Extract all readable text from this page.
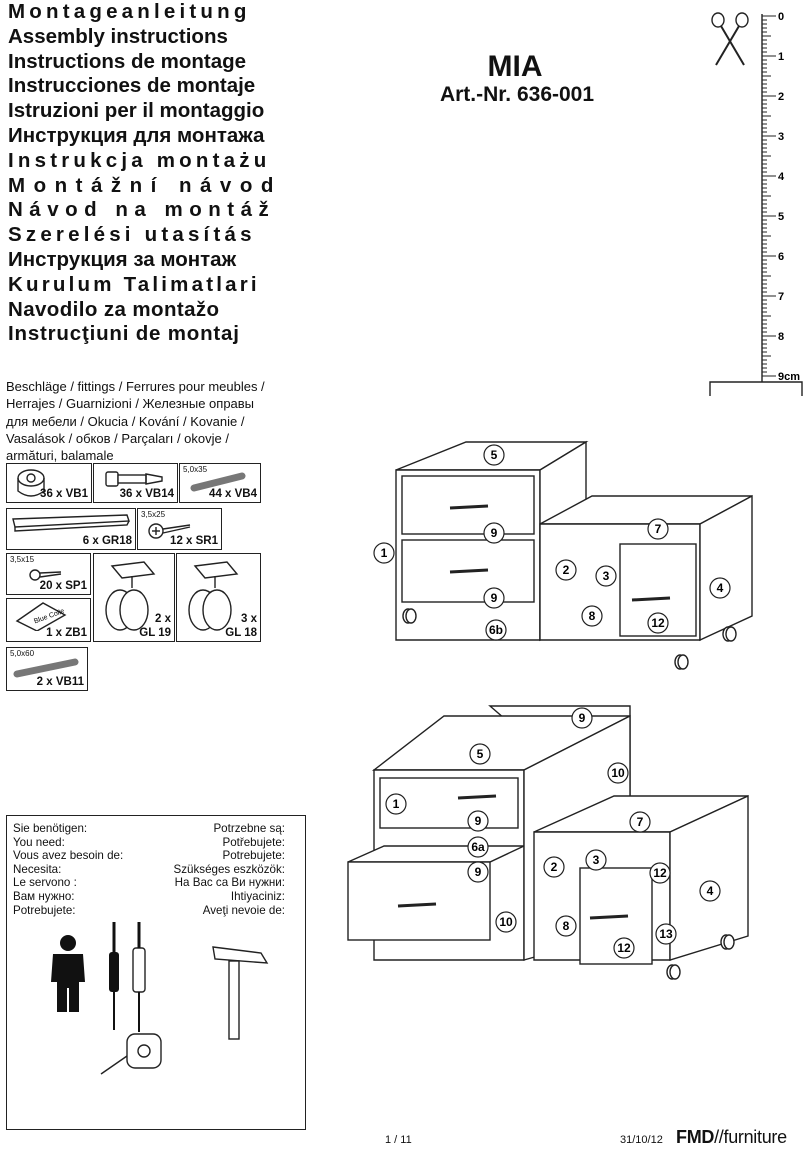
Montageanleitung
Assembly instructions
Instructions de montage
Instrucciones de montaje
Istruzioni per il montaggio
Инструкция для монтажа
Instrukcja montażu
Montážní návod
Návod na montáž
Szerelési utasítás
Инструкция за монтаж
Kurulum Talimatlari
Navodilo za montažo
Instrucţiuni de montaj
MIA
Art.-Nr. 636-001
0
1
2
3
4
5
6
7
8
9cm
Beschläge / fittings / Ferrures pour meubles / Herrajes / Guarnizioni / Железные оправы для мебели / Okucia / Kování / Kovanie / Vasalások / обков / Parçaları / okovje / armături, balamale
36 x VB1	36 x VB14
5,0x35
44 x VB4
6 x GR18
3,5x25
12 x SR1
3,5x15
20 x SP1
Blue Colle
1 x ZB1
2 x
GL 19
3 x
GL 18
5,0x60
2 x VB11
5
9
9
6b
1
7
2	3
8	12
4
9
5
10
1
9
6a
9
10
7
2	3
12
8
4
13
12
Sie benötigen:
You need:
Vous avez besoin de:
Necesita:
Le servono :
Вам нужно:
Potrebujete:
Potrzebne są:
Potřebujete:
Potrebujete:
Szükséges eszközök:
На Вас са Ви нужни:
Ihtiyaciniz:
Aveţi nevoie de:
1 / 11	31/10/12 FMD//furniture
